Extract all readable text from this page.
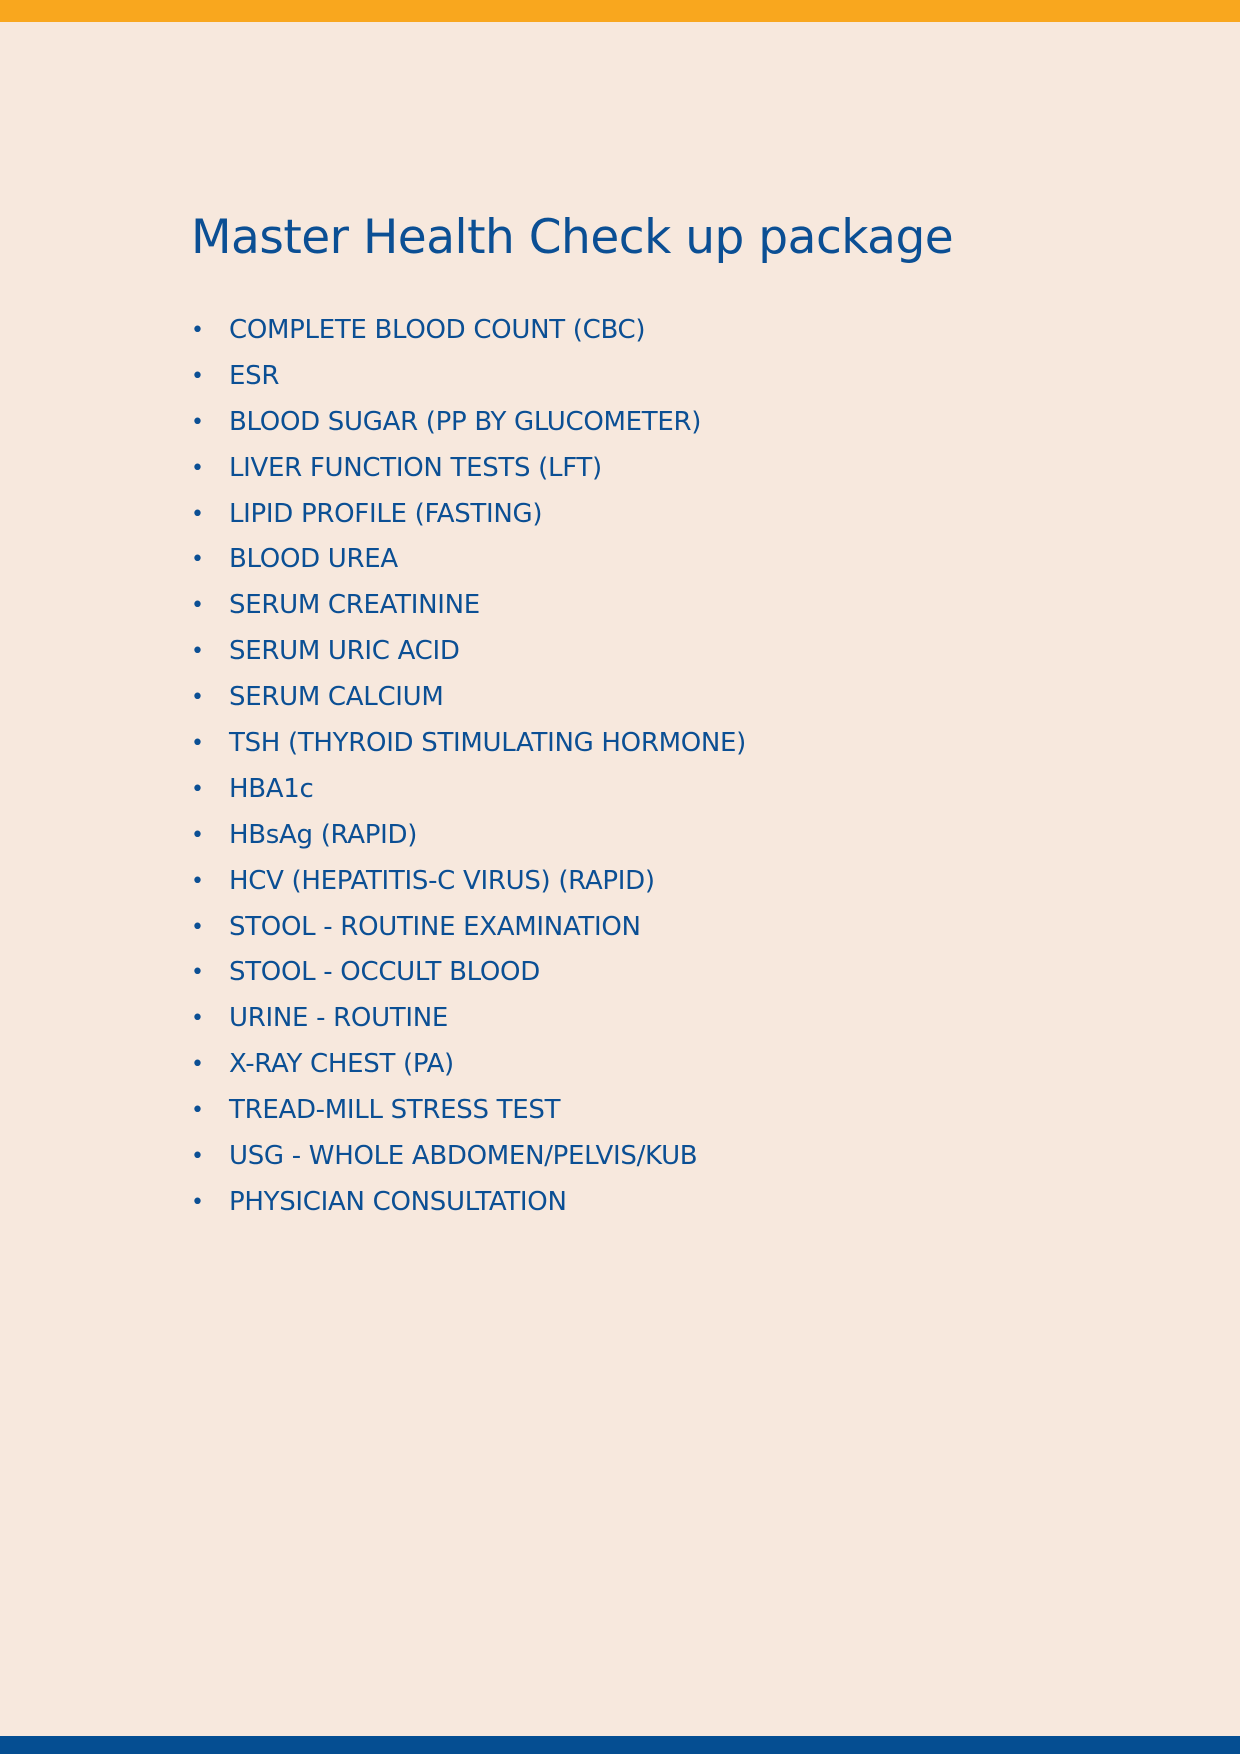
Master Health Check up package
• COMPLETE BLOOD COUNT (CBC)
• ESR
• BLOOD SUGAR (PP BY GLUCOMETER)
• LIVER FUNCTION TESTS (LFT)
• LIPID PROFILE (FASTING)
• BLOOD UREA
• SERUM CREATININE
• SERUM URIC ACID
• SERUM CALCIUM
• TSH (THYROID STIMULATING HORMONE)
• HBA1c
• HBsAg (RAPID)
• HCV (HEPATITIS-C VIRUS) (RAPID)
• STOOL - ROUTINE EXAMINATION
• STOOL - OCCULT BLOOD
• URINE - ROUTINE
• X-RAY CHEST (PA)
• TREAD-MILL STRESS TEST
• USG - WHOLE ABDOMEN/PELVIS/KUB
• PHYSICIAN CONSULTATION
